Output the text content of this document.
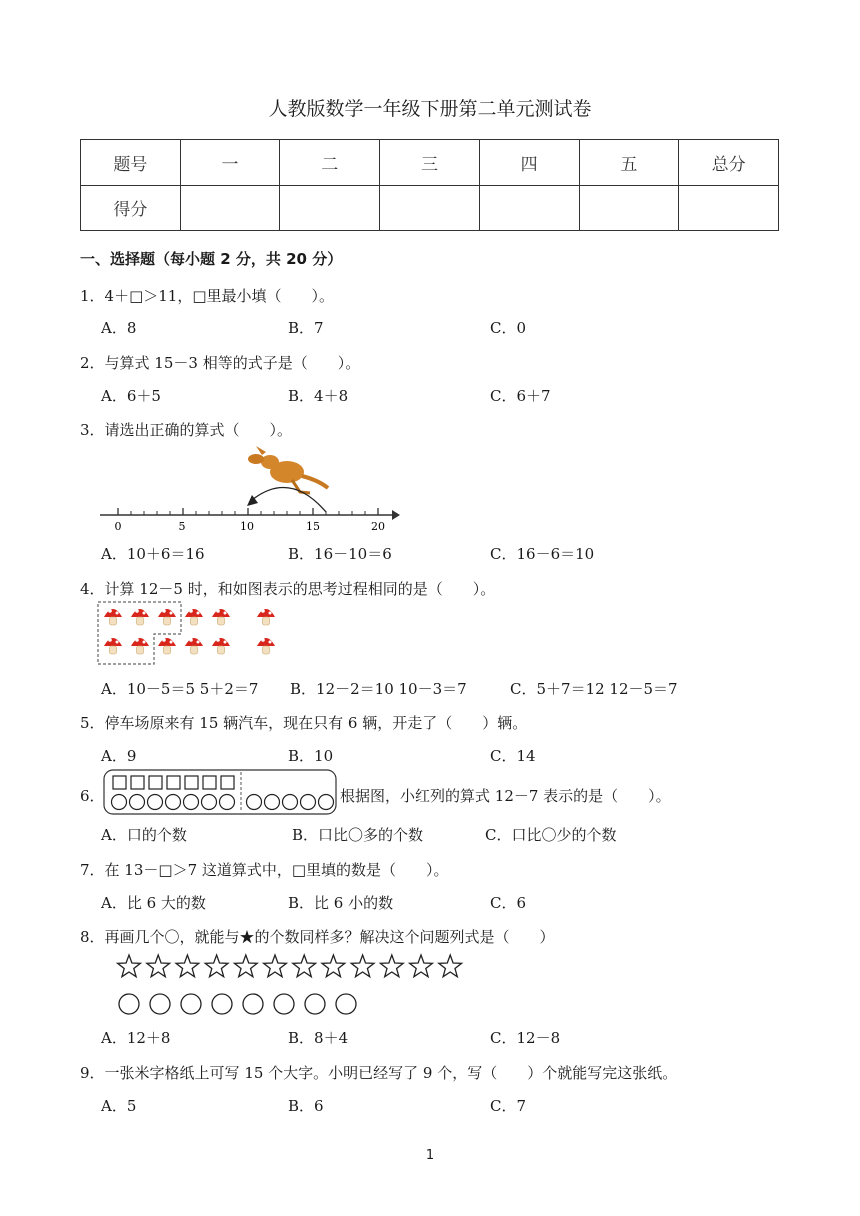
人教版数学一年级下册第二单元测试卷
题号	一	二	三	四	五	总分
得分						
一、选择题（每小题 2 分，共 20 分）
1．4＋□＞11，□里最小填（　　）。
A．8	B．7	C．0
2．与算式 15－3 相等的式子是（　　）。
A．6＋5	B．4＋8	C．6＋7
3．请选出正确的算式（　　）。
0	5	10	15	20
A．10＋6＝16	B．16－10＝6	C．16－6＝10
4．计算 12－5 时，和如图表示的思考过程相同的是（　　）。
A．10－5＝5 5＋2＝7 B．12－2＝10 10－3＝7	C．5＋7＝12 12－5＝7
5．停车场原来有 15 辆汽车，现在只有 6 辆，开走了（　　）辆。
A．9	B．10	C．14
6．	根据图，小红列的算式 12－7 表示的是（　　）。
A．口的个数	B．口比〇多的个数	C．口比〇少的个数
7．在 13－□＞7 这道算式中，□里填的数是（　　）。
A．比 6 大的数	B．比 6 小的数	C．6
8．再画几个〇，就能与★的个数同样多？解决这个问题列式是（　　）
A．12＋8	B．8＋4	C．12－8
9．一张米字格纸上可写 15 个大字。小明已经写了 9 个，写（　　）个就能写完这张纸。
A．5	B．6	C．7
1
